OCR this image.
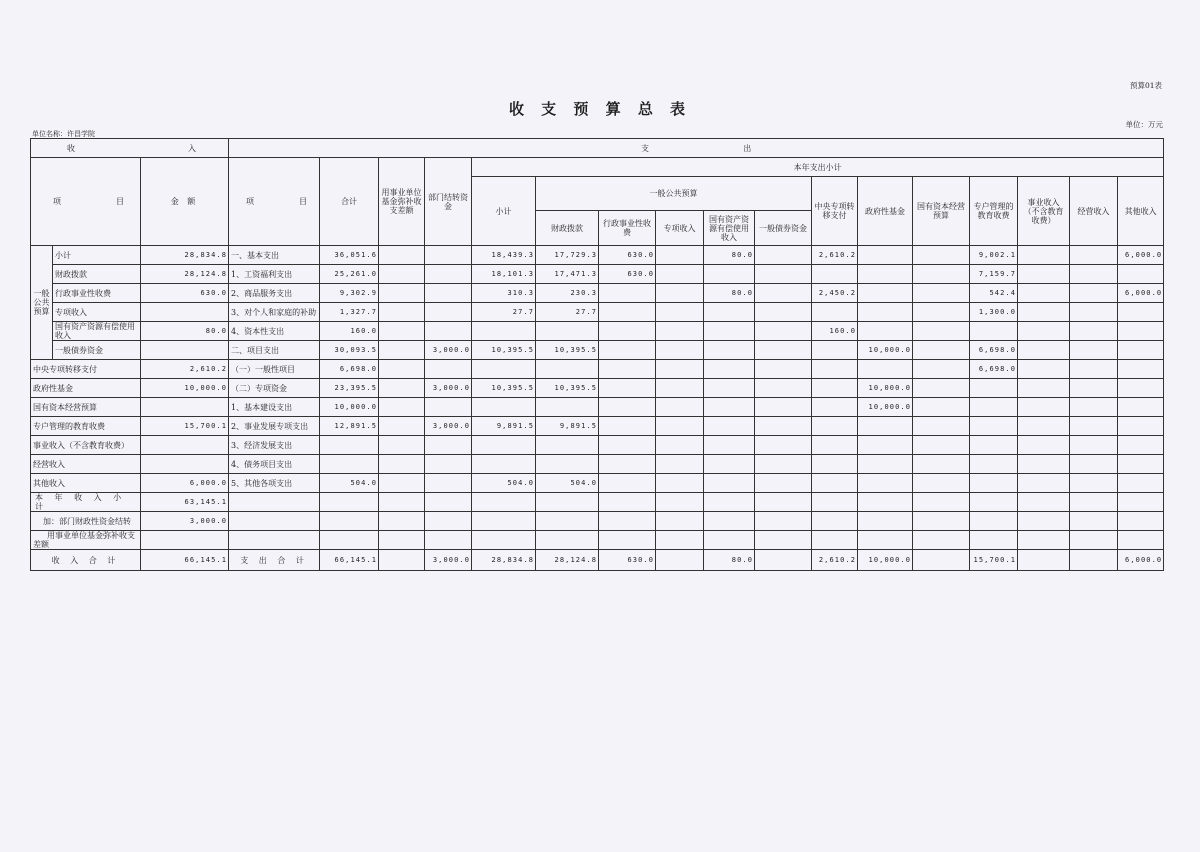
预算01表
收 支 预 算 总 表
单位：万元
单位名称：许昌学院
收 入			支 出																
项 目		金 额	项 目	合计	用事业单位基金弥补收支差额	部门结转资金	本年支出小计												
							小计	一般公共预算					中央专项转移支付	政府性基金	国有资本经营预算	专户管理的教育收费	事业收入（不含教育收费）	经营收入	其他收入
								财政拨款	行政事业性收费	专项收入	国有资产资源有偿使用收入	一般债券资金							
一般公共预算	小计	28,834.8	一、基本支出	36,051.6			18,439.3	17,729.3	630.0		80.0		2,610.2			9,002.1			6,000.0
	财政拨款	28,124.8	1、工资福利支出	25,261.0			18,101.3	17,471.3	630.0							7,159.7			
	行政事业性收费	630.0	2、商品服务支出	9,302.9			310.3	230.3			80.0		2,450.2			542.4			6,000.0
	专项收入		3、对个人和家庭的补助	1,327.7			27.7	27.7								1,300.0			
	国有资产资源有偿使用收入	80.0	4、资本性支出	160.0									160.0						
	一般债券资金		二、项目支出	30,093.5		3,000.0	10,395.5	10,395.5						10,000.0		6,698.0			
中央专项转移支付		2,610.2	（一）一般性项目	6,698.0												6,698.0			
政府性基金		10,000.0	（二）专项资金	23,395.5		3,000.0	10,395.5	10,395.5						10,000.0					
国有资本经营预算			1、基本建设支出	10,000.0										10,000.0					
专户管理的教育收费		15,700.1	2、事业发展专项支出	12,891.5		3,000.0	9,891.5	9,891.5											
事业收入（不含教育收费）			3、经济发展支出																
经营收入			4、债务项目支出																
其他收入		6,000.0	5、其他各项支出	504.0			504.0	504.0											
本 年 收 入 小 计		63,145.1																	
加：部门财政性资金结转		3,000.0																	
用事业单位基金弥补收支差额																			
收 入 合 计		66,145.1	支 出 合 计	66,145.1		3,000.0	28,834.8	28,124.8	630.0		80.0		2,610.2	10,000.0		15,700.1			6,000.0
